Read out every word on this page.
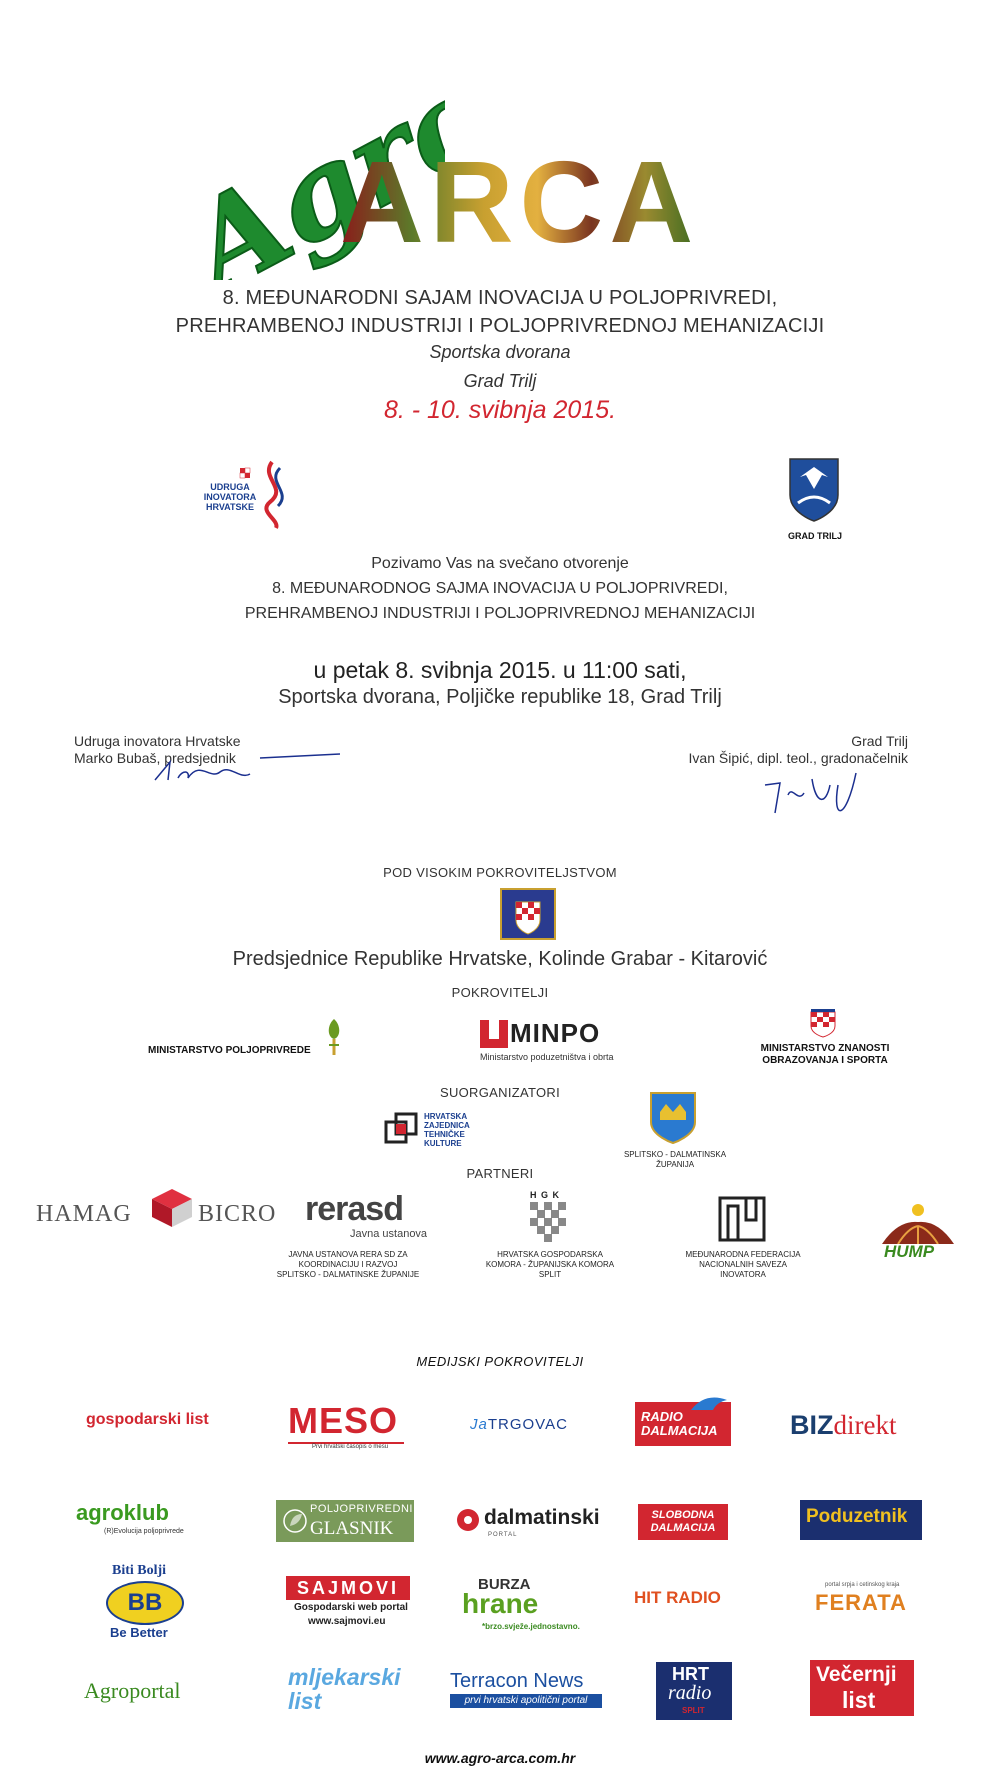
Agro
ARCA
8. MEĐUNARODNI SAJAM INOVACIJA U POLJOPRIVREDI,
PREHRAMBENOJ INDUSTRIJI I POLJOPRIVREDNOJ MEHANIZACIJI
Sportska dvorana
Grad Trilj
8. - 10. svibnja 2015.
UDRUGA
INOVATORA
HRVATSKE
GRAD TRILJ
Pozivamo Vas na svečano otvorenje
8. MEĐUNARODNOG SAJMA INOVACIJA U POLJOPRIVREDI,
PREHRAMBENOJ INDUSTRIJI I POLJOPRIVREDNOJ MEHANIZACIJI
u petak 8. svibnja 2015. u 11:00 sati,
Sportska dvorana, Poljičke republike 18, Grad Trilj
Udruga inovatora Hrvatske
Marko Bubaš, predsjednik
Grad Trilj
Ivan Šipić, dipl. teol., gradonačelnik
POD VISOKIM POKROVITELJSTVOM
Predsjednice Republike Hrvatske, Kolinde Grabar - Kitarović
POKROVITELJI
MINISTARSTVO POLJOPRIVREDE
MINPO
Ministarstvo poduzetništva i obrta
MINISTARSTVO ZNANOSTI
OBRAZOVANJA I SPORTA
SUORGANIZATORI
HRVATSKA
ZAJEDNICA
TEHNIČKE
KULTURE
SPLITSKO - DALMATINSKA
ŽUPANIJA
PARTNERI
HAMAG	BICRO rerasd
Javna ustanova
JAVNA USTANOVA RERA SD ZA
KOORDINACIJU I RAZVOJ
SPLITSKO - DALMATINSKE ŽUPANIJE
H G K
HRVATSKA GOSPODARSKA
KOMORA - ŽUPANIJSKA KOMORA
SPLIT
MEĐUNARODNA FEDERACIJA
NACIONALNIH SAVEZA
INOVATORA
HUMP
MEDIJSKI POKROVITELJI
gospodarski list MESO
Prvi hrvatski časopis o mesu
JaTRGOVAC	RADIO
DALMACIJA	BIZdirekt
agroklub
(R)Evolucija poljoprivrede
POLJOPRIVREDNI
GLASNIK	dalmatinski
PORTAL
SLOBODNA
DALMACIJA
Poduzetnik
Biti Bolji
BB
Be Better
SAJMOVI
Gospodarski web portal
www.sajmovi.eu
BURZA
hrane
*brzo.svježe.jednostavno.
HIT RADIO
portal srpja i cetinskog kraja
FERATA
Agroportal
mljekarski
list
Terracon News
prvi hrvatski apolitični portal
HRT
radio
SPLIT
Večernji
list
www.agro-arca.com.hr
